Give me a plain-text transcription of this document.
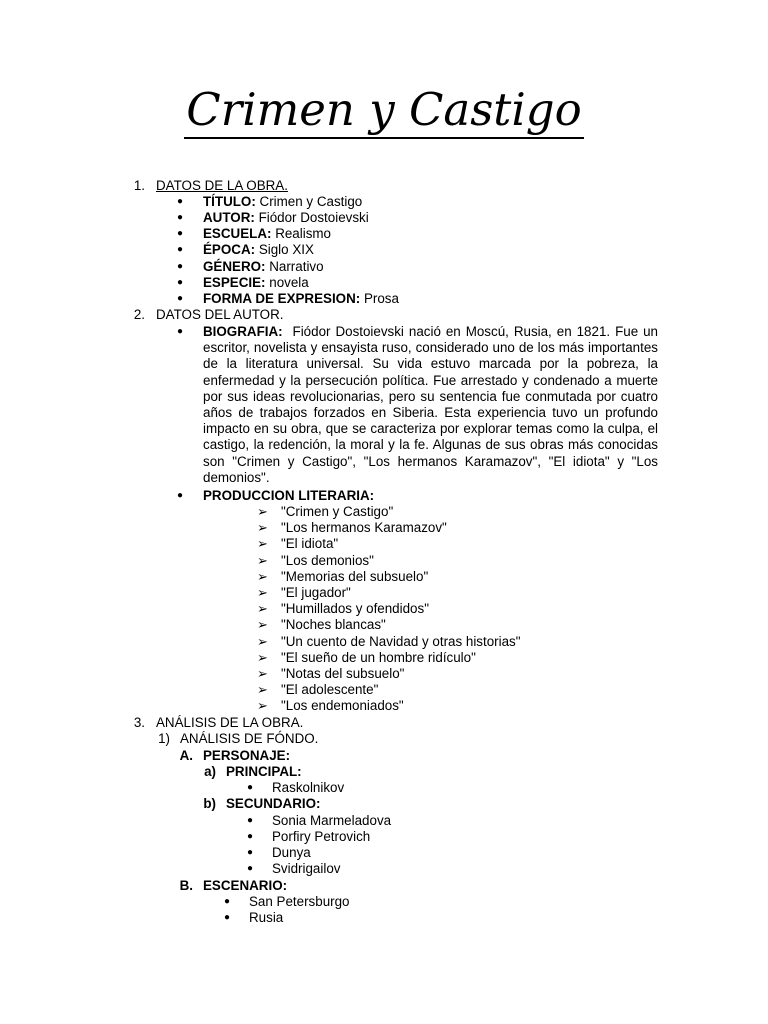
Crimen y Castigo
1. DATOS DE LA OBRA.
● TÍTULO: Crimen y Castigo
● AUTOR: Fiódor Dostoievski
● ESCUELA: Realismo
● ÉPOCA: Siglo XIX
● GÉNERO: Narrativo
● ESPECIE: novela
● FORMA DE EXPRESION: Prosa
2. DATOS DEL AUTOR.
● BIOGRAFIA: Fiódor Dostoievski nació en Moscú, Rusia, en 1821. Fue un escritor, novelista y ensayista ruso, considerado uno de los más importantes de la literatura universal. Su vida estuvo marcada por la pobreza, la enfermedad y la persecución política. Fue arrestado y condenado a muerte por sus ideas revolucionarias, pero su sentencia fue conmutada por cuatro años de trabajos forzados en Siberia. Esta experiencia tuvo un profundo impacto en su obra, que se caracteriza por explorar temas como la culpa, el castigo, la redención, la moral y la fe. Algunas de sus obras más conocidas son "Crimen y Castigo", "Los hermanos Karamazov", "El idiota" y "Los demonios".
● PRODUCCION LITERARIA:
➢ "Crimen y Castigo"
➢ "Los hermanos Karamazov"
➢ "El idiota"
➢ "Los demonios"
➢ "Memorias del subsuelo"
➢ "El jugador"
➢ "Humillados y ofendidos"
➢ "Noches blancas"
➢ "Un cuento de Navidad y otras historias"
➢ "El sueño de un hombre ridículo"
➢ "Notas del subsuelo"
➢ "El adolescente"
➢ "Los endemoniados"
3. ANÁLISIS DE LA OBRA.
1) ANÁLISIS DE FÓNDO.
A. PERSONAJE:
a) PRINCIPAL:
● Raskolnikov
b) SECUNDARIO:
● Sonia Marmeladova
● Porfiry Petrovich
● Dunya
● Svidrigailov
B. ESCENARIO:
● San Petersburgo
● Rusia
